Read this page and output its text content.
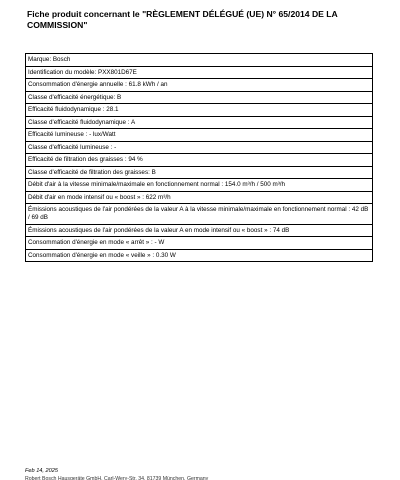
Fiche produit concernant le "RÈGLEMENT DÉLÉGUÉ (UE) N° 65/2014 DE LA COMMISSION"
Marque: Bosch
Identification du modèle: PXX801D67E
Consommation d'énergie annuelle : 61.8 kWh / an
Classe d'efficacité énergétique: B
Efficacité fluidodynamique : 28.1
Classe d'efficacité fluidodynamique : A
Efficacité lumineuse : - lux/Watt
Classe d'efficacité lumineuse : -
Efficacité de filtration des graisses : 94 %
Classe d'efficacité de filtration des graisses: B
Débit d'air à la vitesse minimale/maximale en fonctionnement normal : 154.0 m³/h / 500 m³/h
Débit d'air en mode intensif ou « boost » : 622 m³/h
Émissions acoustiques de l'air pondérées de la valeur A à la vitesse minimale/maximale en fonctionnement normal : 42 dB / 69 dB
Émissions acoustiques de l'air pondérées de la valeur A en mode intensif ou « boost » : 74 dB
Consommation d'énergie en mode « arrêt » : - W
Consommation d'énergie en mode « veille » : 0.30 W
Feb 14, 2025
Robert Bosch Hausgeräte GmbH, Carl-Wery-Str. 34, 81739 München, Germany
